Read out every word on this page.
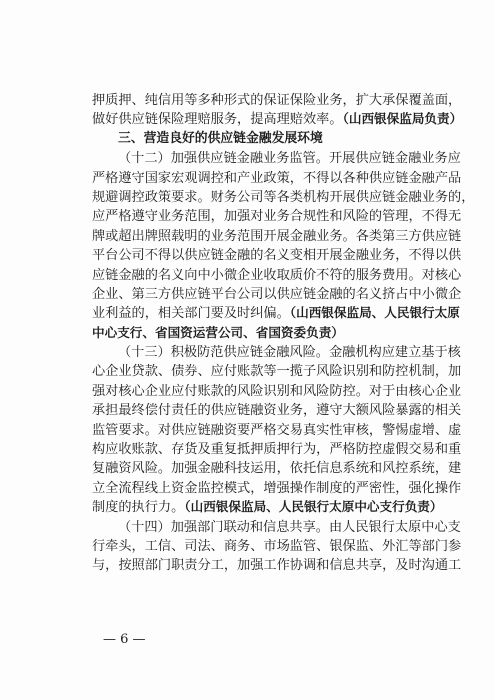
押质押、纯信用等多种形式的保证保险业务，扩大承保覆盖面，
做好供应链保险理赔服务，提高理赔效率。（山西银保监局负责）
三、营造良好的供应链金融发展环境
（十二）加强供应链金融业务监管。开展供应链金融业务应
严格遵守国家宏观调控和产业政策，不得以各种供应链金融产品
规避调控政策要求。财务公司等各类机构开展供应链金融业务的，
应严格遵守业务范围，加强对业务合规性和风险的管理，不得无
牌或超出牌照载明的业务范围开展金融业务。各类第三方供应链
平台公司不得以供应链金融的名义变相开展金融业务，不得以供
应链金融的名义向中小微企业收取质价不符的服务费用。对核心
企业、第三方供应链平台公司以供应链金融的名义挤占中小微企
业利益的，相关部门要及时纠偏。（山西银保监局、人民银行太原
中心支行、省国资运营公司、省国资委负责）
（十三）积极防范供应链金融风险。金融机构应建立基于核
心企业贷款、债券、应付账款等一揽子风险识别和防控机制，加
强对核心企业应付账款的风险识别和风险防控。对于由核心企业
承担最终偿付责任的供应链融资业务，遵守大额风险暴露的相关
监管要求。对供应链融资要严格交易真实性审核，警惕虚增、虚
构应收账款、存货及重复抵押质押行为，严格防控虚假交易和重
复融资风险。加强金融科技运用，依托信息系统和风控系统，建
立全流程线上资金监控模式，增强操作制度的严密性，强化操作
制度的执行力。（山西银保监局、人民银行太原中心支行负责）
（十四）加强部门联动和信息共享。由人民银行太原中心支
行牵头，工信、司法、商务、市场监管、银保监、外汇等部门参
与，按照部门职责分工，加强工作协调和信息共享，及时沟通工
— 6 —
